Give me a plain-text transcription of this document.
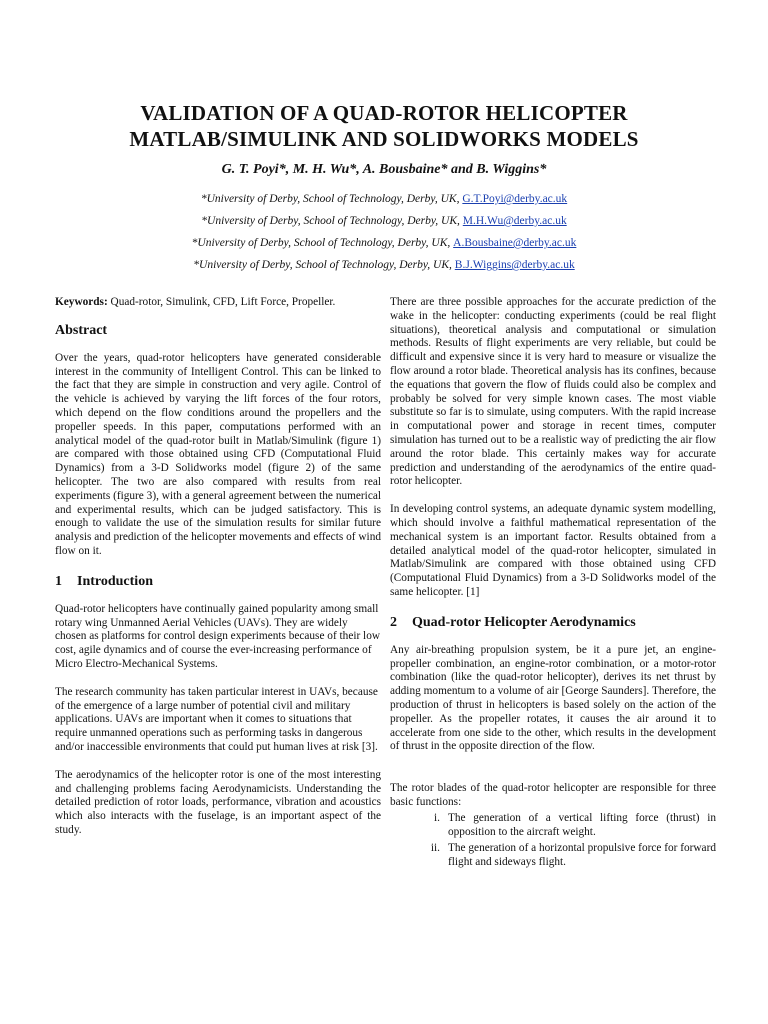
VALIDATION OF A QUAD-ROTOR HELICOPTER
MATLAB/SIMULINK AND SOLIDWORKS MODELS
G. T. Poyi*, M. H. Wu*, A. Bousbaine* and B. Wiggins*
*University of Derby, School of Technology, Derby, UK, G.T.Poyi@derby.ac.uk
*University of Derby, School of Technology, Derby, UK, M.H.Wu@derby.ac.uk
*University of Derby, School of Technology, Derby, UK, A.Bousbaine@derby.ac.uk
*University of Derby, School of Technology, Derby, UK, B.J.Wiggins@derby.ac.uk

Keywords: Quad-rotor, Simulink, CFD, Lift Force, Propeller.

Abstract

Over the years, quad-rotor helicopters have generated considerable interest in the community of Intelligent Control. This can be linked to the fact that they are simple in construction and very agile. Control of the vehicle is achieved by varying the lift forces of the four rotors, which depend on the flow conditions around the propellers and the propeller speeds. In this paper, computations performed with an analytical model of the quad-rotor built in Matlab/Simulink (figure 1) are compared with those obtained using CFD (Computational Fluid Dynamics) from a 3-D Solidworks model (figure 2) of the same helicopter. The two are also compared with results from real experiments (figure 3), with a general agreement between the numerical and experimental results, which can be judged satisfactory. This is enough to validate the use of the simulation results for similar future analysis and prediction of the helicopter movements and effects of wind flow on it.

1 Introduction

Quad-rotor helicopters have continually gained popularity among small rotary wing Unmanned Aerial Vehicles (UAVs). They are widely chosen as platforms for control design experiments because of their low cost, agile dynamics and of course the ever-increasing performance of Micro Electro-Mechanical Systems.

The research community has taken particular interest in UAVs, because of the emergence of a large number of potential civil and military applications. UAVs are important when it comes to situations that require unmanned operations such as performing tasks in dangerous and/or inaccessible environments that could put human lives at risk [3].

The aerodynamics of the helicopter rotor is one of the most interesting and challenging problems facing Aerodynamicists. Understanding the detailed prediction of rotor loads, performance, vibration and acoustics which also interacts with the fuselage, is an important aspect of the study.

There are three possible approaches for the accurate prediction of the wake in the helicopter: conducting experiments (could be real flight situations), theoretical analysis and computational or simulation methods. Results of flight experiments are very reliable, but could be difficult and expensive since it is very hard to measure or visualize the flow around a rotor blade. Theoretical analysis has its confines, because the equations that govern the flow of fluids could also be complex and probably be solved for very simple known cases. The most viable substitute so far is to simulate, using computers. With the rapid increase in computational power and storage in recent times, computer simulation has turned out to be a realistic way of predicting the air flow around the rotor blade. This certainly makes way for accurate prediction and understanding of the aerodynamics of the entire quad-rotor helicopter.

In developing control systems, an adequate dynamic system modelling, which should involve a faithful mathematical representation of the mechanical system is an important factor. Results obtained from a detailed analytical model of the quad-rotor helicopter, simulated in Matlab/Simulink are compared with those obtained using CFD (Computational Fluid Dynamics) from a 3-D Solidworks model of the same helicopter. [1]

2 Quad-rotor Helicopter Aerodynamics

Any air-breathing propulsion system, be it a pure jet, an engine-propeller combination, an engine-rotor combination, or a motor-rotor combination (like the quad-rotor helicopter), derives its net thrust by adding momentum to a volume of air [George Saunders]. Therefore, the production of thrust in helicopters is based solely on the action of the propeller. As the propeller rotates, it causes the air around it to accelerate from one side to the other, which results in the development of thrust in the opposite direction of the flow.

The rotor blades of the quad-rotor helicopter are responsible for three basic functions:

i. The generation of a vertical lifting force (thrust) in opposition to the aircraft weight.
ii. The generation of a horizontal propulsive force for forward flight and sideways flight.
